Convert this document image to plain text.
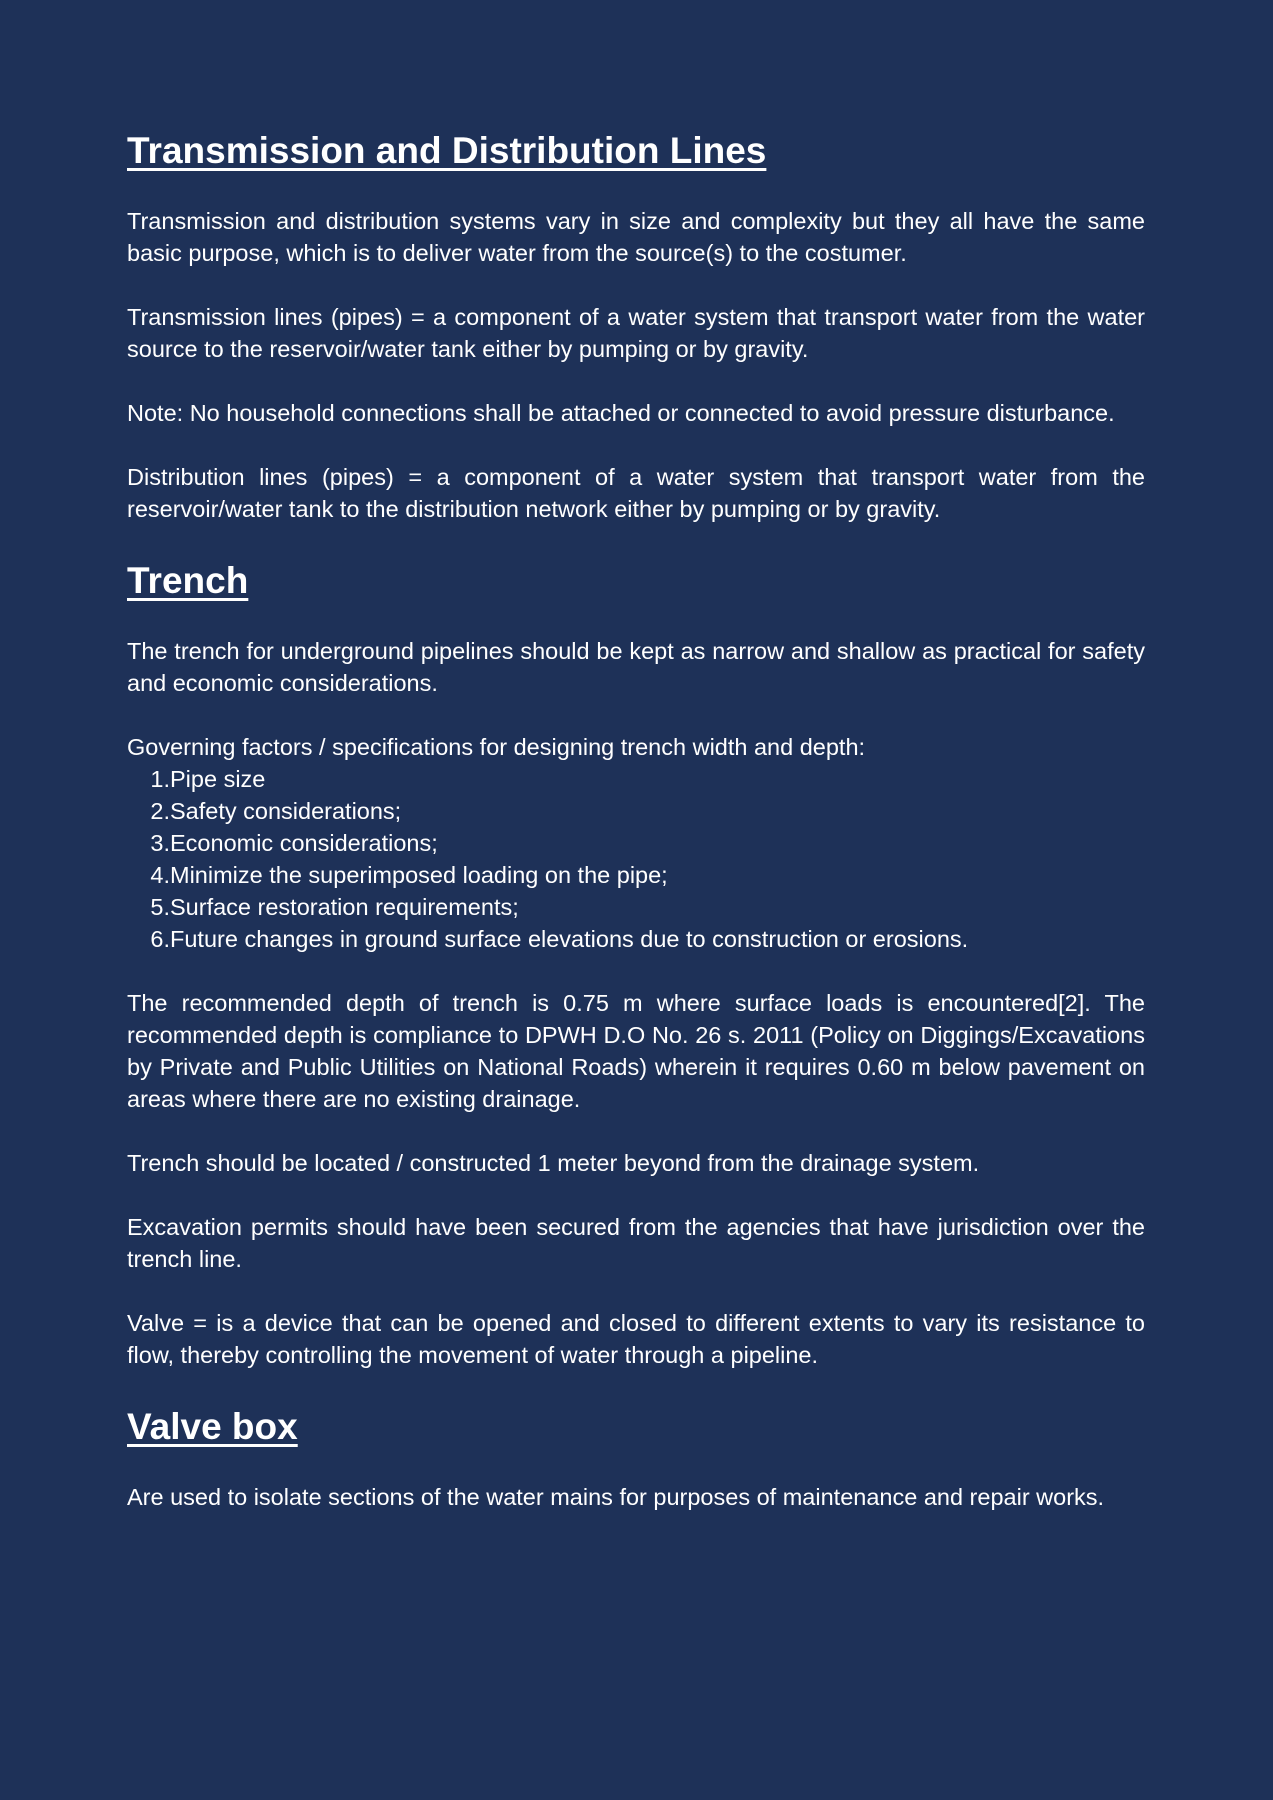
Transmission and Distribution Lines

Transmission and distribution systems vary in size and complexity but they all have the same basic purpose, which is to deliver water from the source(s) to the costumer.

Transmission lines (pipes) = a component of a water system that transport water from the water source to the reservoir/water tank either by pumping or by gravity.

Note: No household connections shall be attached or connected to avoid pressure disturbance.

Distribution lines (pipes) = a component of a water system that transport water from the reservoir/water tank to the distribution network either by pumping or by gravity.

Trench

The trench for underground pipelines should be kept as narrow and shallow as practical for safety and economic considerations.

Governing factors / specifications for designing trench width and depth:

1. Pipe size
2. Safety considerations;
3. Economic considerations;
4. Minimize the superimposed loading on the pipe;
5. Surface restoration requirements;
6. Future changes in ground surface elevations due to construction or erosions.

The recommended depth of trench is 0.75 m where surface loads is encountered[2]. The recommended depth is compliance to DPWH D.O No. 26 s. 2011 (Policy on Diggings/Excavations by Private and Public Utilities on National Roads) wherein it requires 0.60 m below pavement on areas where there are no existing drainage.

Trench should be located / constructed 1 meter beyond from the drainage system.

Excavation permits should have been secured from the agencies that have jurisdiction over the trench line.

Valve = is a device that can be opened and closed to different extents to vary its resistance to flow, thereby controlling the movement of water through a pipeline.

Valve box

Are used to isolate sections of the water mains for purposes of maintenance and repair works.
